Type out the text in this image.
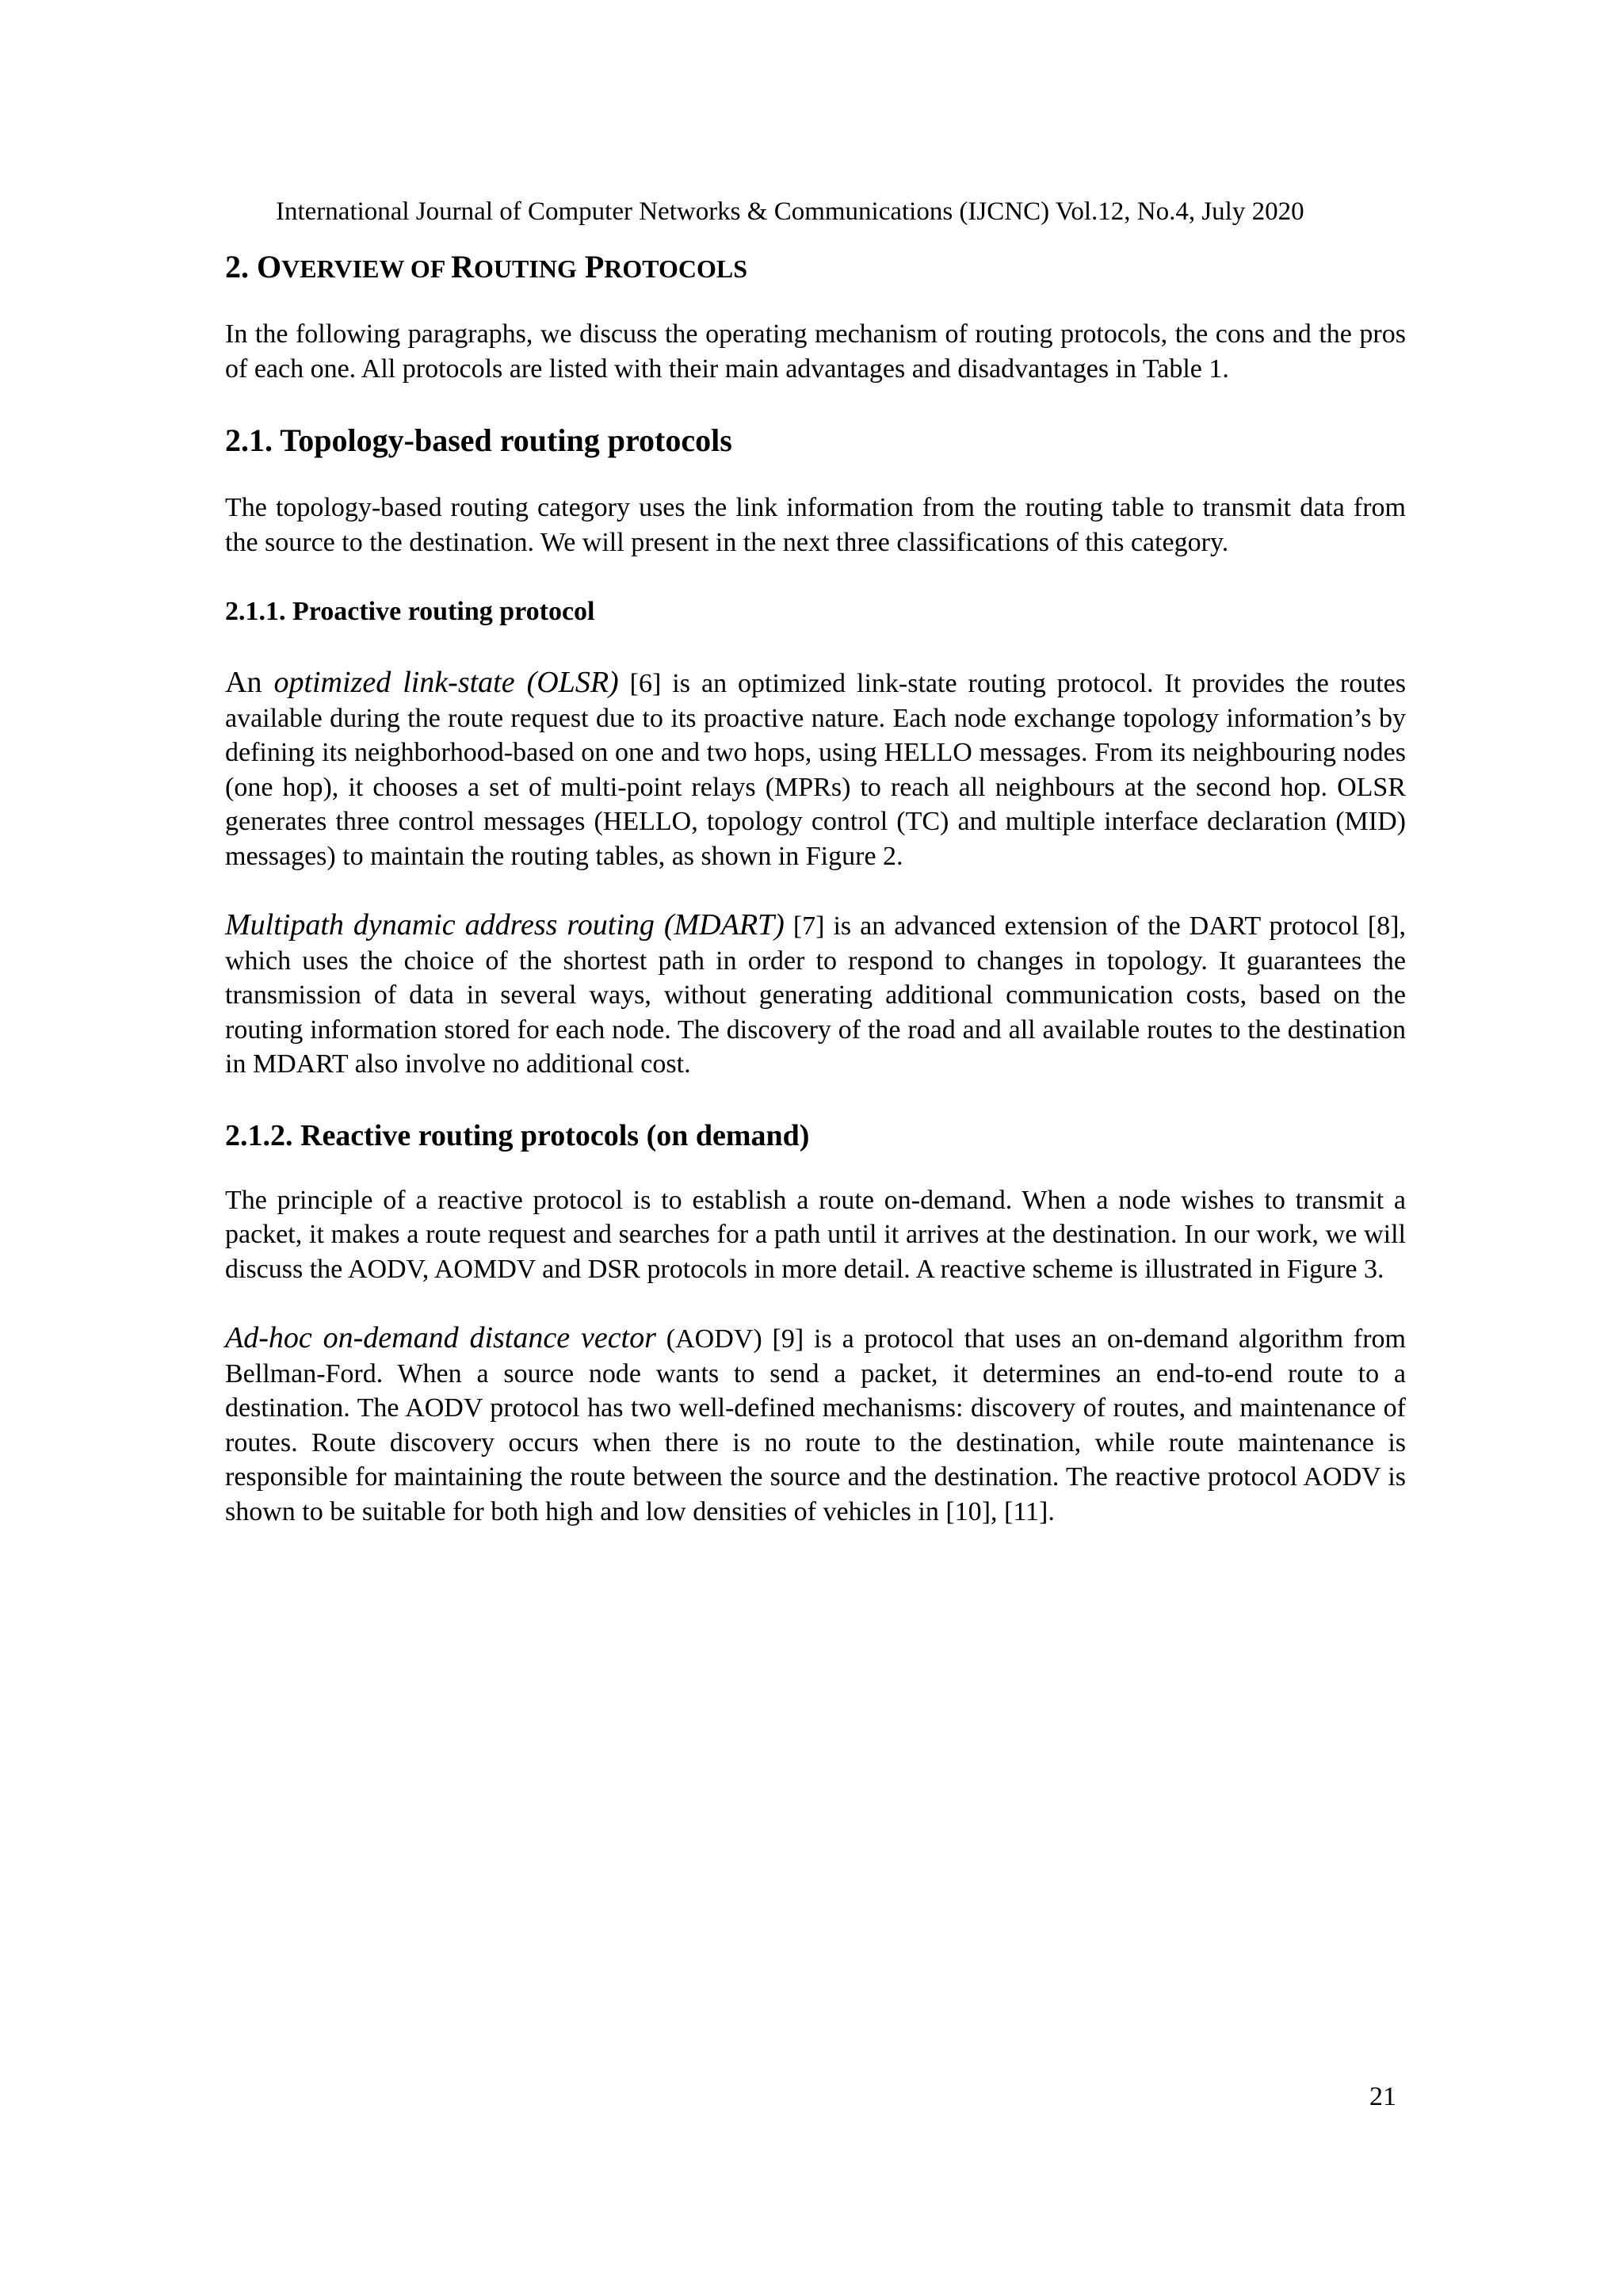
International Journal of Computer Networks & Communications (IJCNC) Vol.12, No.4, July 2020
2. OVERVIEW OF ROUTING PROTOCOLS

In the following paragraphs, we discuss the operating mechanism of routing protocols, the cons and the pros of each one. All protocols are listed with their main advantages and disadvantages in Table 1.

2.1. Topology-based routing protocols

The topology-based routing category uses the link information from the routing table to transmit data from the source to the destination. We will present in the next three classifications of this category.

2.1.1. Proactive routing protocol

An optimized link-state (OLSR) [6] is an optimized link-state routing protocol. It provides the routes available during the route request due to its proactive nature. Each node exchange topology information’s by defining its neighborhood-based on one and two hops, using HELLO messages. From its neighbouring nodes (one hop), it chooses a set of multi-point relays (MPRs) to reach all neighbours at the second hop. OLSR generates three control messages (HELLO, topology control (TC) and multiple interface declaration (MID) messages) to maintain the routing tables, as shown in Figure 2.

Multipath dynamic address routing (MDART) [7] is an advanced extension of the DART protocol [8], which uses the choice of the shortest path in order to respond to changes in topology. It guarantees the transmission of data in several ways, without generating additional communication costs, based on the routing information stored for each node. The discovery of the road and all available routes to the destination in MDART also involve no additional cost.

2.1.2. Reactive routing protocols (on demand)

The principle of a reactive protocol is to establish a route on-demand. When a node wishes to transmit a packet, it makes a route request and searches for a path until it arrives at the destination. In our work, we will discuss the AODV, AOMDV and DSR protocols in more detail. A reactive scheme is illustrated in Figure 3.

Ad-hoc on-demand distance vector (AODV) [9] is a protocol that uses an on-demand algorithm from Bellman-Ford. When a source node wants to send a packet, it determines an end-to-end route to a destination. The AODV protocol has two well-defined mechanisms: discovery of routes, and maintenance of routes. Route discovery occurs when there is no route to the destination, while route maintenance is responsible for maintaining the route between the source and the destination. The reactive protocol AODV is shown to be suitable for both high and low densities of vehicles in [10], [11].

21
